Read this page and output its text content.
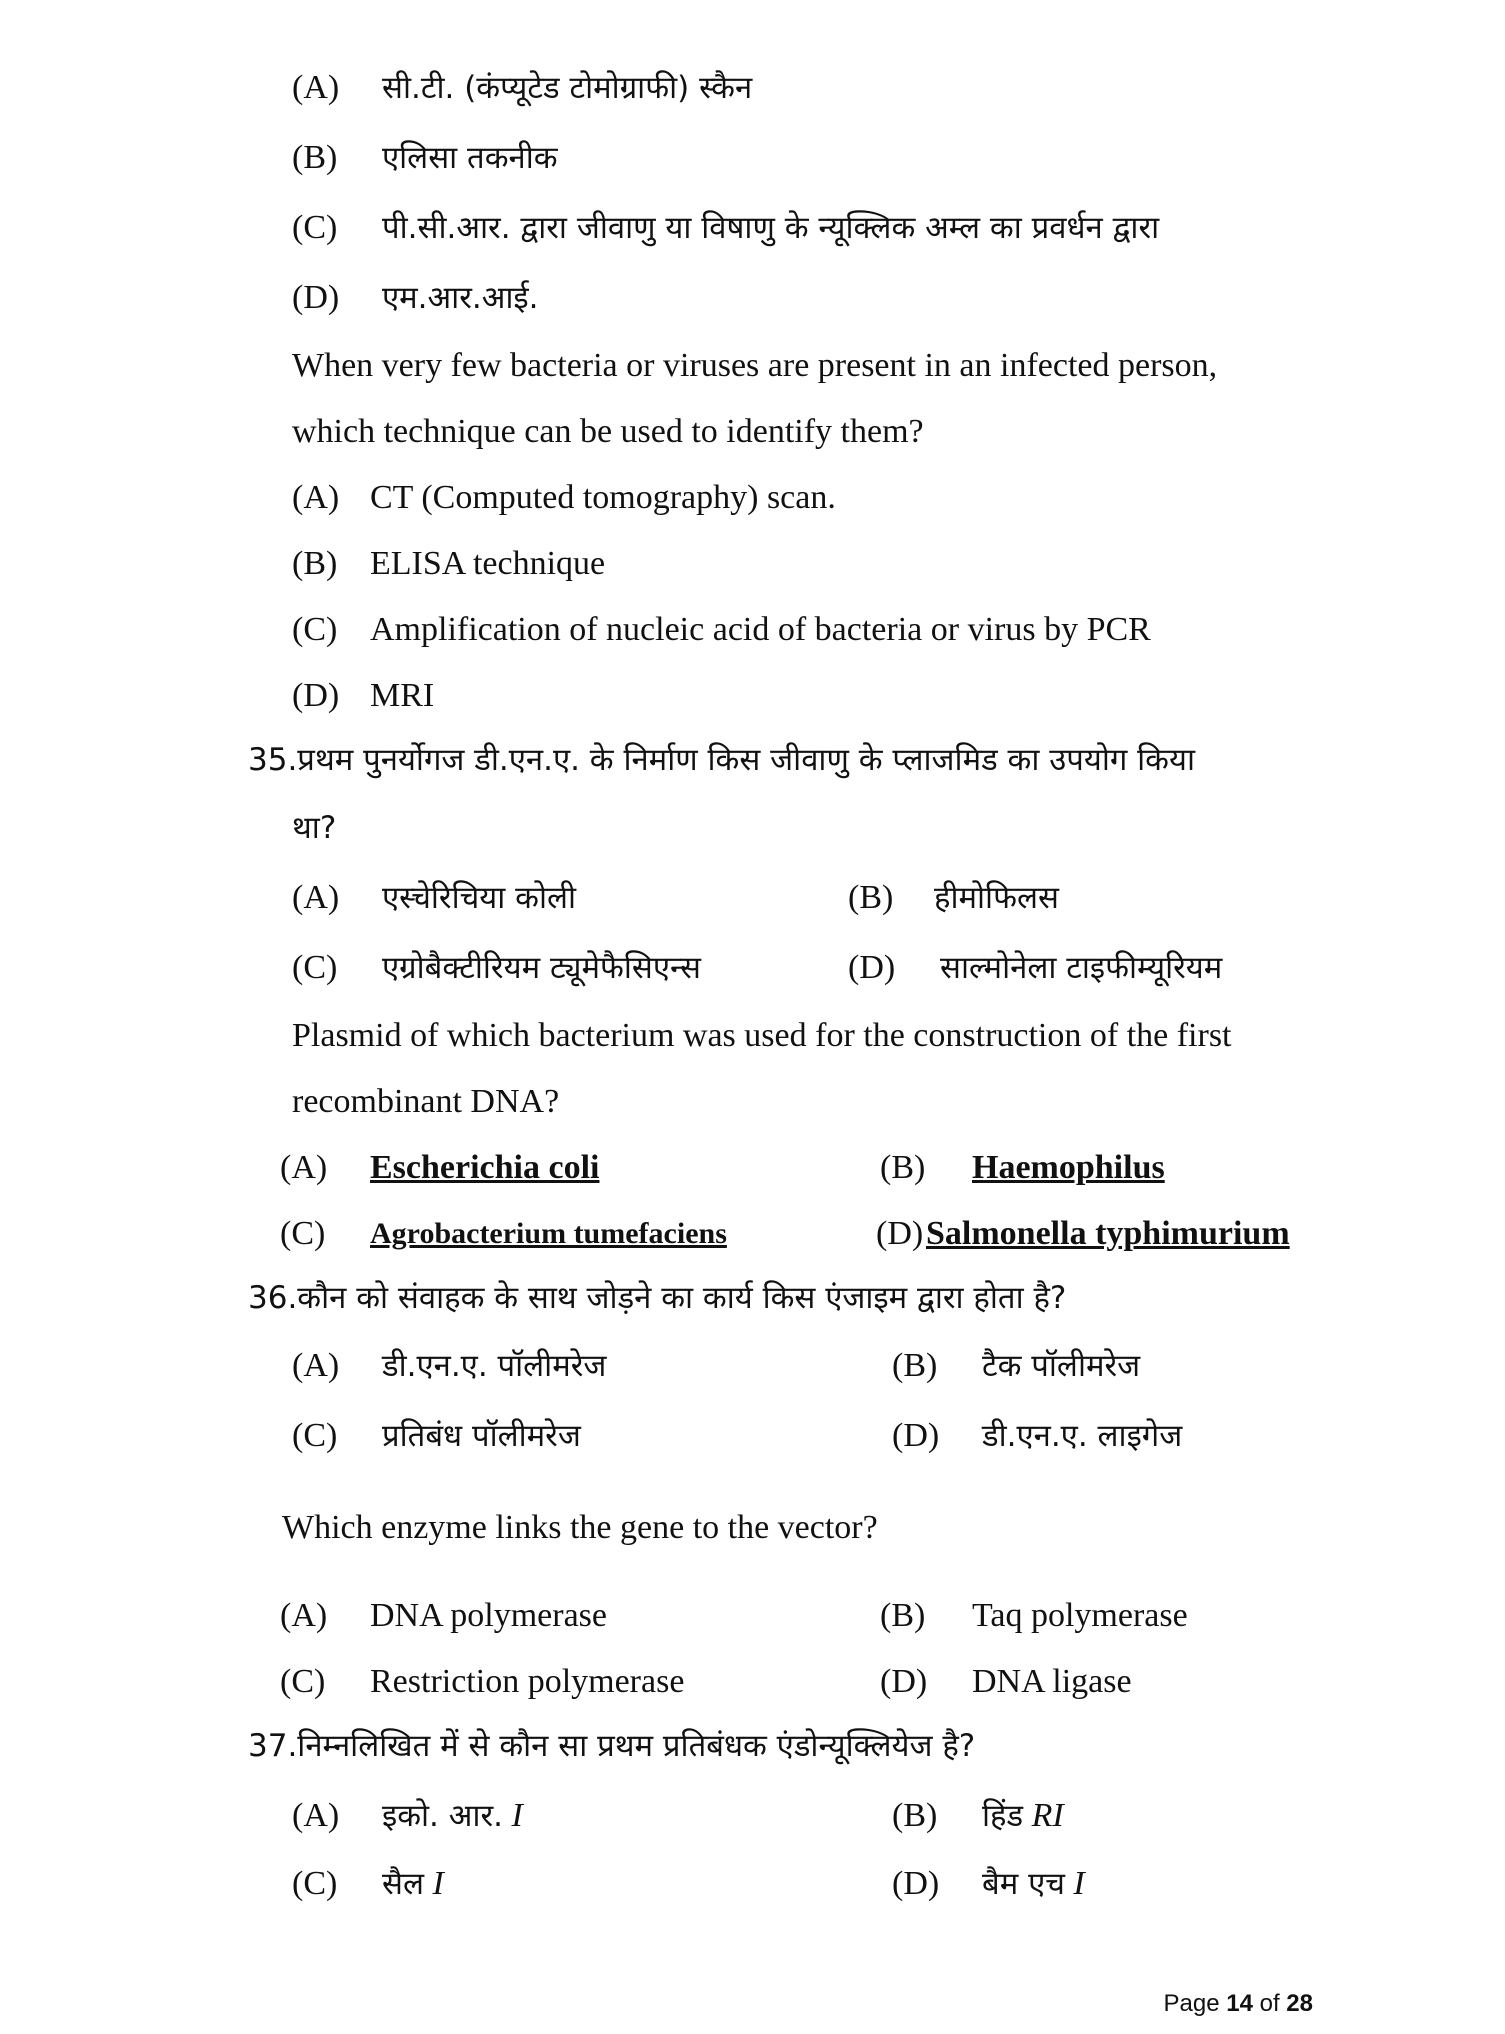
(A) सी.टी. (कंप्यूटेड टोमोग्राफी) स्कैन
(B) एलिसा तकनीक
(C) पी.सी.आर. द्वारा जीवाणु या विषाणु के न्यूक्लिक अम्ल का प्रवर्धन द्वारा
(D) एम.आर.आई.
When very few bacteria or viruses are present in an infected person,
which technique can be used to identify them?
(A) CT (Computed tomography) scan.
(B) ELISA technique
(C) Amplification of nucleic acid of bacteria or virus by PCR
(D) MRI
35.प्रथम पुनर्योगज डी.एन.ए. के निर्माण किस जीवाणु के प्लाजमिड का उपयोग किया
था?
(A) एस्चेरिचिया कोली	(B) हीमोफिलस
(C) एग्रोबैक्टीरियम ट्यूमेफैसिएन्स	(D) साल्मोनेला टाइफीम्यूरियम
Plasmid of which bacterium was used for the construction of the first
recombinant DNA?
(A) Escherichia coli	(B) Haemophilus
(C) Agrobacterium tumefaciens	(D) Salmonella typhimurium
36.कौन को संवाहक के साथ जोड़ने का कार्य किस एंजाइम द्वारा होता है?
(A) डी.एन.ए. पॉलीमरेज	(B) टैक पॉलीमरेज
(C) प्रतिबंध पॉलीमरेज	(D) डी.एन.ए. लाइगेज
Which enzyme links the gene to the vector?
(A) DNA polymerase	(B) Taq polymerase
(C) Restriction polymerase	(D) DNA ligase
37.निम्नलिखित में से कौन सा प्रथम प्रतिबंधक एंडोन्यूक्लियेज है?
(A) इको. आर. I	(B) हिंड RI
(C) सैल I	(D) बैम एच I
Page 14 of 28
